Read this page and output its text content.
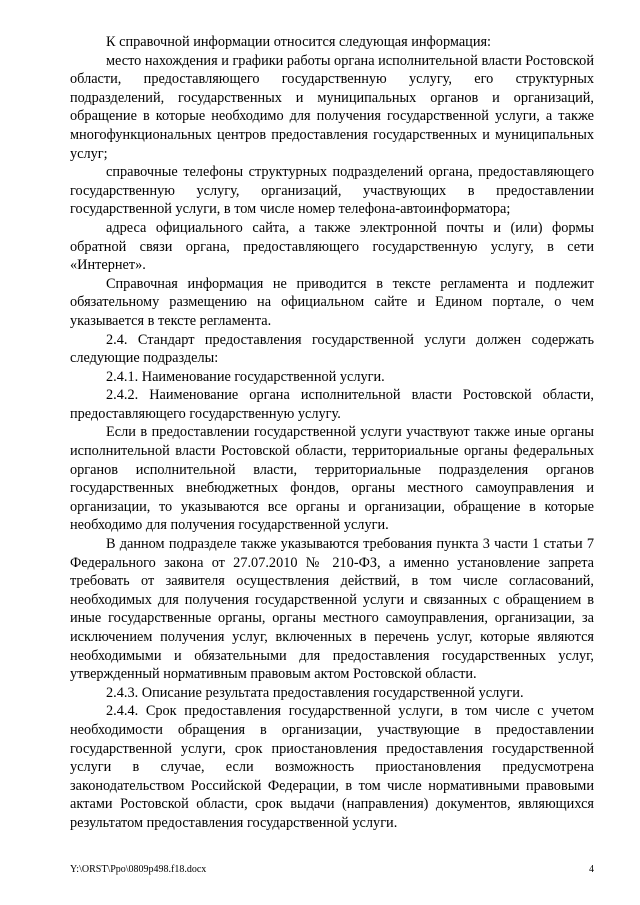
К справочной информации относится следующая информация:

место нахождения и графики работы органа исполнительной власти Ростовской области, предоставляющего государственную услугу, его структурных подразделений, государственных и муниципальных органов и организаций, обращение в которые необходимо для получения государственной услуги, а также многофункциональных центров предоставления государственных и муниципальных услуг;

справочные телефоны структурных подразделений органа, предоставляющего государственную услугу, организаций, участвующих в предоставлении государственной услуги, в том числе номер телефона-автоинформатора;

адреса официального сайта, а также электронной почты и (или) формы обратной связи органа, предоставляющего государственную услугу, в сети «Интернет».

Справочная информация не приводится в тексте регламента и подлежит обязательному размещению на официальном сайте и Едином портале, о чем указывается в тексте регламента.

2.4. Стандарт предоставления государственной услуги должен содержать следующие подразделы:

2.4.1. Наименование государственной услуги.

2.4.2. Наименование органа исполнительной власти Ростовской области, предоставляющего государственную услугу.

Если в предоставлении государственной услуги участвуют также иные органы исполнительной власти Ростовской области, территориальные органы федеральных органов исполнительной власти, территориальные подразделения органов государственных внебюджетных фондов, органы местного самоуправления и организации, то указываются все органы и организации, обращение в которые необходимо для получения государственной услуги.

В данном подразделе также указываются требования пункта 3 части 1 статьи 7 Федерального закона от 27.07.2010 № 210-ФЗ, а именно установление запрета требовать от заявителя осуществления действий, в том числе согласований, необходимых для получения государственной услуги и связанных с обращением в иные государственные органы, органы местного самоуправления, организации, за исключением получения услуг, включенных в перечень услуг, которые являются необходимыми и обязательными для предоставления государственных услуг, утвержденный нормативным правовым актом Ростовской области.

2.4.3. Описание результата предоставления государственной услуги.

2.4.4. Срок предоставления государственной услуги, в том числе с учетом необходимости обращения в организации, участвующие в предоставлении государственной услуги, срок приостановления предоставления государственной услуги в случае, если возможность приостановления предусмотрена законодательством Российской Федерации, в том числе нормативными правовыми актами Ростовской области, срок выдачи (направления) документов, являющихся результатом предоставления государственной услуги.

Y:\ORST\Ppo\0809p498.f18.docx	4
